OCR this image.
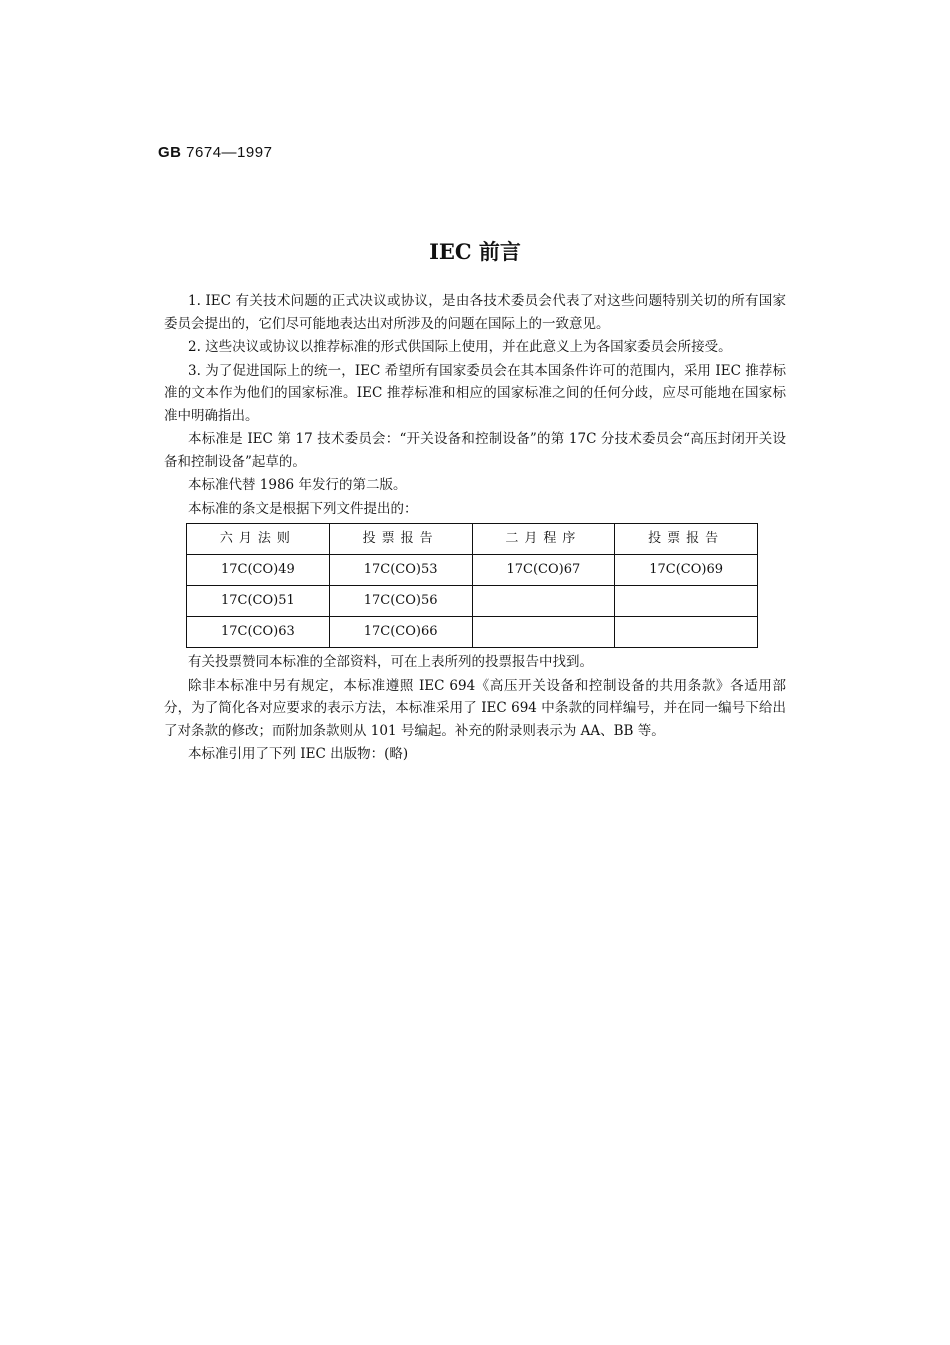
GB 7674—1997
IEC 前言

1. IEC 有关技术问题的正式决议或协议，是由各技术委员会代表了对这些问题特别关切的所有国家委员会提出的，它们尽可能地表达出对所涉及的问题在国际上的一致意见。

2. 这些决议或协议以推荐标准的形式供国际上使用，并在此意义上为各国家委员会所接受。

3. 为了促进国际上的统一，IEC 希望所有国家委员会在其本国条件许可的范围内，采用 IEC 推荐标准的文本作为他们的国家标准。IEC 推荐标准和相应的国家标准之间的任何分歧，应尽可能地在国家标准中明确指出。

本标准是 IEC 第 17 技术委员会：“开关设备和控制设备”的第 17C 分技术委员会“高压封闭开关设备和控制设备”起草的。

本标准代替 1986 年发行的第二版。

本标准的条文是根据下列文件提出的：

六月法则	投票报告	二月程序	投票报告
17C(CO)49	17C(CO)53	17C(CO)67	17C(CO)69
17C(CO)51	17C(CO)56		
17C(CO)63	17C(CO)66		

有关投票赞同本标准的全部资料，可在上表所列的投票报告中找到。

除非本标准中另有规定，本标准遵照 IEC 694《高压开关设备和控制设备的共用条款》各适用部分，为了简化各对应要求的表示方法，本标准采用了 IEC 694 中条款的同样编号，并在同一编号下给出了对条款的修改；而附加条款则从 101 号编起。补充的附录则表示为 AA、BB 等。

本标准引用了下列 IEC 出版物：(略)
